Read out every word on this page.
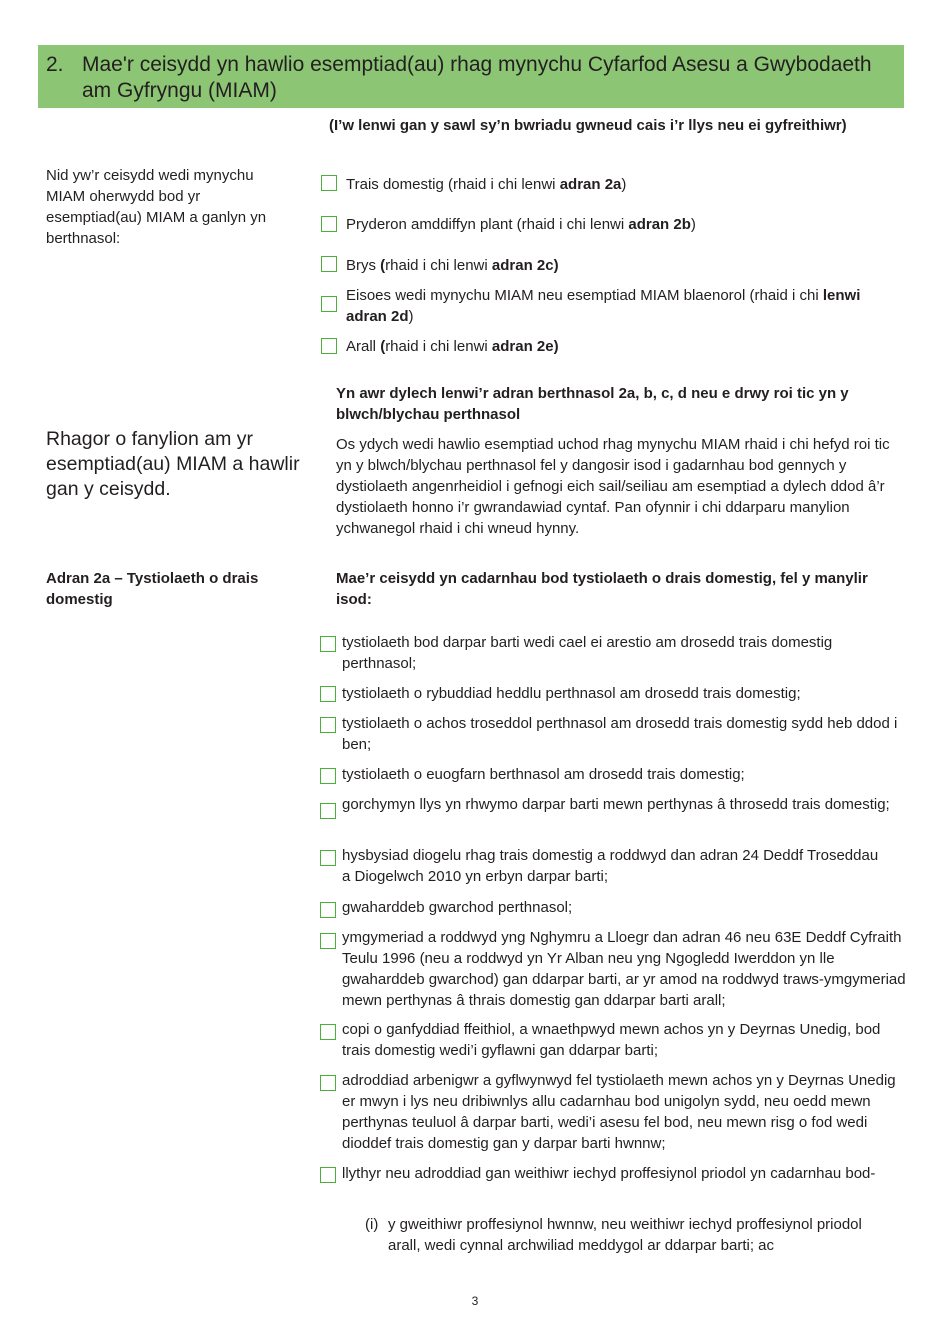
2. Mae'r ceisydd yn hawlio esemptiad(au) rhag mynychu Cyfarfod Asesu a Gwybodaeth am Gyfryngu (MIAM)
(I’w lenwi gan y sawl sy’n bwriadu gwneud cais i’r llys neu ei gyfreithiwr)
Nid yw’r ceisydd wedi mynychu MIAM oherwydd bod yr esemptiad(au) MIAM a ganlyn yn berthnasol:
Trais domestig (rhaid i chi lenwi adran 2a)
Pryderon amddiffyn plant (rhaid i chi lenwi adran 2b)
Brys (rhaid i chi lenwi adran 2c)
Eisoes wedi mynychu MIAM neu esemptiad MIAM blaenorol (rhaid i chi lenwi adran 2d)
Arall (rhaid i chi lenwi adran 2e)
Yn awr dylech lenwi’r adran berthnasol 2a, b, c, d neu e drwy roi tic yn y blwch/blychau perthnasol
Rhagor o fanylion am yr esemptiad(au) MIAM a hawlir gan y ceisydd.
Os ydych wedi hawlio esemptiad uchod rhag mynychu MIAM rhaid i chi hefyd roi tic yn y blwch/blychau perthnasol fel y dangosir isod i gadarnhau bod gennych y dystiolaeth angenrheidiol i gefnogi eich sail/seiliau am esemptiad a dylech ddod â’r dystiolaeth honno i’r gwrandawiad cyntaf. Pan ofynnir i chi ddarparu manylion ychwanegol rhaid i chi wneud hynny.
Adran 2a – Tystiolaeth o drais domestig
Mae’r ceisydd yn cadarnhau bod tystiolaeth o drais domestig, fel y manylir isod:
tystiolaeth bod darpar barti wedi cael ei arestio am drosedd trais domestig perthnasol;
tystiolaeth o rybuddiad heddlu perthnasol am drosedd trais domestig;
tystiolaeth o achos troseddol perthnasol am drosedd trais domestig sydd heb ddod i ben;
tystiolaeth o euogfarn berthnasol am drosedd trais domestig;
gorchymyn llys yn rhwymo darpar barti mewn perthynas â throsedd trais domestig;
hysbysiad diogelu rhag trais domestig a roddwyd dan adran 24 Deddf Troseddau a Diogelwch 2010 yn erbyn darpar barti;
gwaharddeb gwarchod perthnasol;
ymgymeriad a roddwyd yng Nghymru a Lloegr dan adran 46 neu 63E Deddf Cyfraith Teulu 1996 (neu a roddwyd yn Yr Alban neu yng Ngogledd Iwerddon yn lle gwaharddeb gwarchod) gan ddarpar barti, ar yr amod na roddwyd traws-ymgymeriad mewn perthynas â thrais domestig gan ddarpar barti arall;
copi o ganfyddiad ffeithiol, a wnaethpwyd mewn achos yn y Deyrnas Unedig, bod trais domestig wedi’i gyflawni gan ddarpar barti;
adroddiad arbenigwr a gyflwynwyd fel tystiolaeth mewn achos yn y Deyrnas Unedig er mwyn i lys neu dribiwnlys allu cadarnhau bod unigolyn sydd, neu oedd mewn perthynas teuluol â darpar barti, wedi’i asesu fel bod, neu mewn risg o fod wedi dioddef trais domestig gan y darpar barti hwnnw;
llythyr neu adroddiad gan weithiwr iechyd proffesiynol priodol yn cadarnhau bod-
(i) y gweithiwr proffesiynol hwnnw, neu weithiwr iechyd proffesiynol priodol arall, wedi cynnal archwiliad meddygol ar ddarpar barti; ac
3
